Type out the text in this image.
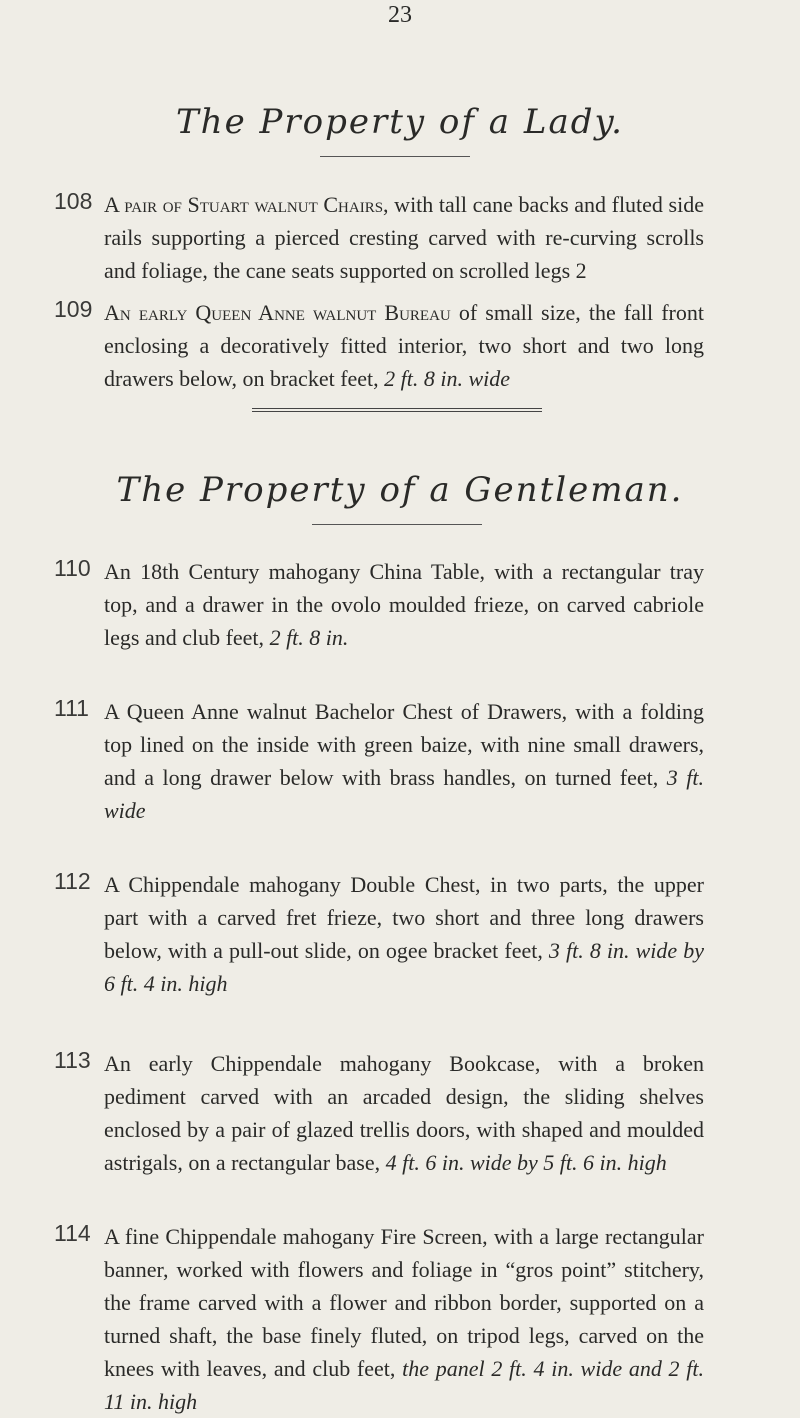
23
The Property of a Lady.
108 A pair of Stuart walnut Chairs, with tall cane backs and fluted side rails supporting a pierced cresting carved with re-curving scrolls and foliage, the cane seats supported on scrolled legs 2
109 An early Queen Anne walnut Bureau of small size, the fall front enclosing a decoratively fitted interior, two short and two long drawers below, on bracket feet, 2 ft. 8 in. wide
The Property of a Gentleman.
110 An 18th Century mahogany China Table, with a rectangular tray top, and a drawer in the ovolo moulded frieze, on carved cabriole legs and club feet, 2 ft. 8 in.
111 A Queen Anne walnut Bachelor Chest of Drawers, with a folding top lined on the inside with green baize, with nine small drawers, and a long drawer below with brass handles, on turned feet, 3 ft. wide
112 A Chippendale mahogany Double Chest, in two parts, the upper part with a carved fret frieze, two short and three long drawers below, with a pull-out slide, on ogee bracket feet, 3 ft. 8 in. wide by 6 ft. 4 in. high
113 An early Chippendale mahogany Bookcase, with a broken pediment carved with an arcaded design, the sliding shelves enclosed by a pair of glazed trellis doors, with shaped and moulded astrigals, on a rectangular base, 4 ft. 6 in. wide by 5 ft. 6 in. high
114 A fine Chippendale mahogany Fire Screen, with a large rectangular banner, worked with flowers and foliage in “gros point” stitchery, the frame carved with a flower and ribbon border, supported on a turned shaft, the base finely fluted, on tripod legs, carved on the knees with leaves, and club feet, the panel 2 ft. 4 in. wide and 2 ft. 11 in. high
